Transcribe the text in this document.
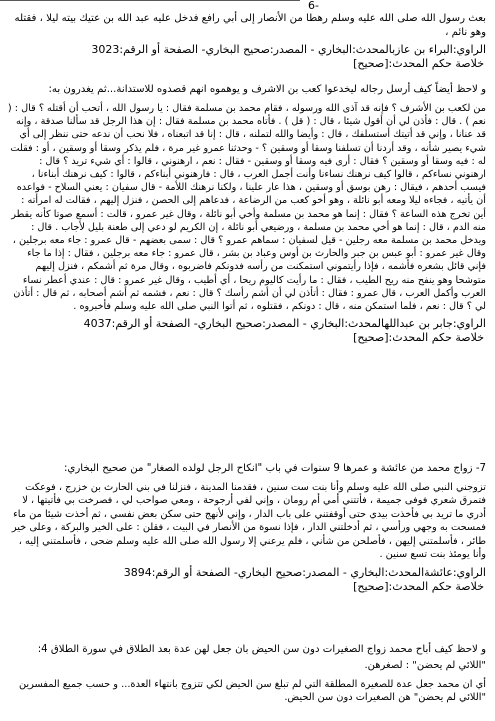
6-

بعث رسول الله صلى الله عليه وسلم رهطا من الأنصار إلى أبي رافع فدخل عليه عبد الله بن عتيك بيته ليلا ، فقتله وهو نائم ،

الراوي:البراء بن عازبالمحدث:البخاري - المصدر:صحيح البخاري- الصفحة أو الرقم:3023

خلاصة حكم المحدث:[صحيح]

و لاحظ أيضاً كيف أرسل رجاله ليخدعوا كعب بن الاشرف و يوهموه انهم قصدوه للاستدانة...ثم يغدرون به:

من لكعب بن الأشرف ؟ فإنه قد آذى الله ورسوله ، فقام محمد بن مسلمة فقال : يا رسول الله ، أتحب أن أقتله ؟ قال : ( نعم ) . قال : فأذن لي أن أقول شيئا ، قال : ( قل ) . فأتاه محمد بن مسلمة فقال : إن هذا الرجل قد سألنا صدقة ، وإنه قد عنانا ، وإني قد أتيتك أستسلفك ، قال : وأيضا والله لتملنه ، قال : إنا قد اتبعناه ، فلا نحب أن ندعه حتى ننظر إلى أي شيء يصير شأنه ، وقد أردنا أن تسلفنا وسقا أو وسقين ؟ - وحدثنا عمرو غير مرة ، فلم يذكر وسقا أو وسقين ، أو : فقلت له : فيه وسقا أو وسقين ؟ فقال : أرى فيه وسقا أو وسقين - فقال : نعم ، ارهنوني ، قالوا : أي شيء تريد ؟ قال : ارهنوني نساءكم ، قالوا كيف نرهنك نساءنا وأنت أجمل العرب ، قال : فارهنوني أبناءكم ، قالوا : كيف نرهنك أبناءنا ، فيسب أحدهم ، فيقال : رهن بوسق أو وسقين ، هذا عار علينا ، ولكنا نرهنك اللأمة - قال سفيان : يعني السلاح - فواعده أن يأتيه ، فجاءه ليلا ومعه أبو نائلة ، وهو أخو كعب من الرضاعة ، فدعاهم إلى الحصن ، فنزل إليهم ، فقالت له امرأته : أين تخرج هذه الساعة ؟ فقال : إنما هو محمد بن مسلمة وأخي أبو نائلة ، وقال غير عمرو ، قالت : أسمع صوتا كأنه يقطر منه الدم ، قال : إنما هو أخي محمد بن مسلمة ، ورضيعي أبو نائلة ، إن الكريم لو دعي إلى طعنة بليل لأجاب . قال : ويدخل محمد بن مسلمة معه رجلين - قيل لسفيان : سماهم عمرو ؟ قال : سمى بعضهم - قال عمرو : جاء معه برجلين ، وقال غير عمرو : أبو عبس بن جبر والحارث بن أوس وعباد بن بشر ، قال عمرو : جاء معه برجلين ، فقال : إذا ما جاء فإني قائل بشعره فأشمه ، فإذا رأيتموني استمكنت من رأسه فدونكم فاضربوه ، وقال مرة ثم أشمكم ، فنزل إليهم متوشحا وهو ينفح منه ريح الطيب ، فقال : ما رأيت كاليوم ريحا ، أي أطيب ، وقال غير عمرو : قال : عندي أعطر نساء العرب وأكمل العرب ، قال عمرو : فقال : أتأذن لي أن أشم رأسك ؟ قال : نعم ، فشمه ثم أشم أصحابه ، ثم قال : أتأذن لي ؟ قال : نعم ، فلما استمكن منه ، قال : دونكم ، فقتلوه ، ثم أتوا النبي صلى الله عليه وسلم فأخبروه .

الراوي:جابر بن عبداللهالمحدث:البخاري - المصدر:صحيح البخاري- الصفحة أو الرقم:4037

خلاصة حكم المحدث:[صحيح]

7- زواج محمد من عائشة و عمرها 9 سنوات في باب "انكاح الرجل لولده الصغار" من صحيح البخاري:

تزوجني النبي صلى الله عليه وسلم وأنا بنت ست سنين ، فقدمنا المدينة ، فنزلنا في بني الحارث بن خزرج ، فوعكت فتمرق شعري فوفى جميمة ، فأتتني أمي أم رومان ، وإني لفي أرجوحة ، ومعي صواحب لي ، فصرخت بي فأتيتها ، لا أدري ما تريد بي فأخذت بيدي حتى أوقفتني على باب الدار ، وإني لأنهج حتى سكن بعض نفسي ، ثم أخذت شيئا من ماء فمسحت به وجهي ورأسي ، ثم أدخلتني الدار ، فإذا نسوة من الأنصار في البيت ، فقلن : على الخير والبركة ، وعلى خير طائر ، فأسلمتني إليهن ، فأصلحن من شأني ، فلم يرعني إلا رسول الله صلى الله عليه وسلم ضحى ، فأسلمتني إليه ، وأنا يومئذ بنت تسع سنين .

الراوي:عائشةالمحدث:البخاري - المصدر:صحيح البخاري- الصفحة أو الرقم:3894

خلاصة حكم المحدث:[صحيح]

و لاحظ كيف أباح محمد زواج الصغيرات دون سن الحيض بان جعل لهن عدة بعد الطلاق في سورة الطلاق 4:

"اللائي لم يحضن" : لصغرهن.

أي ان محمد جعل عدة للصغيرة المطلقة التي لم تبلغ سن الحيض لكي تتزوج بانتهاء العدة... و حسب جميع المفسرين "اللائي لم يحضن" هن الصغيرات دون سن الحيض.
